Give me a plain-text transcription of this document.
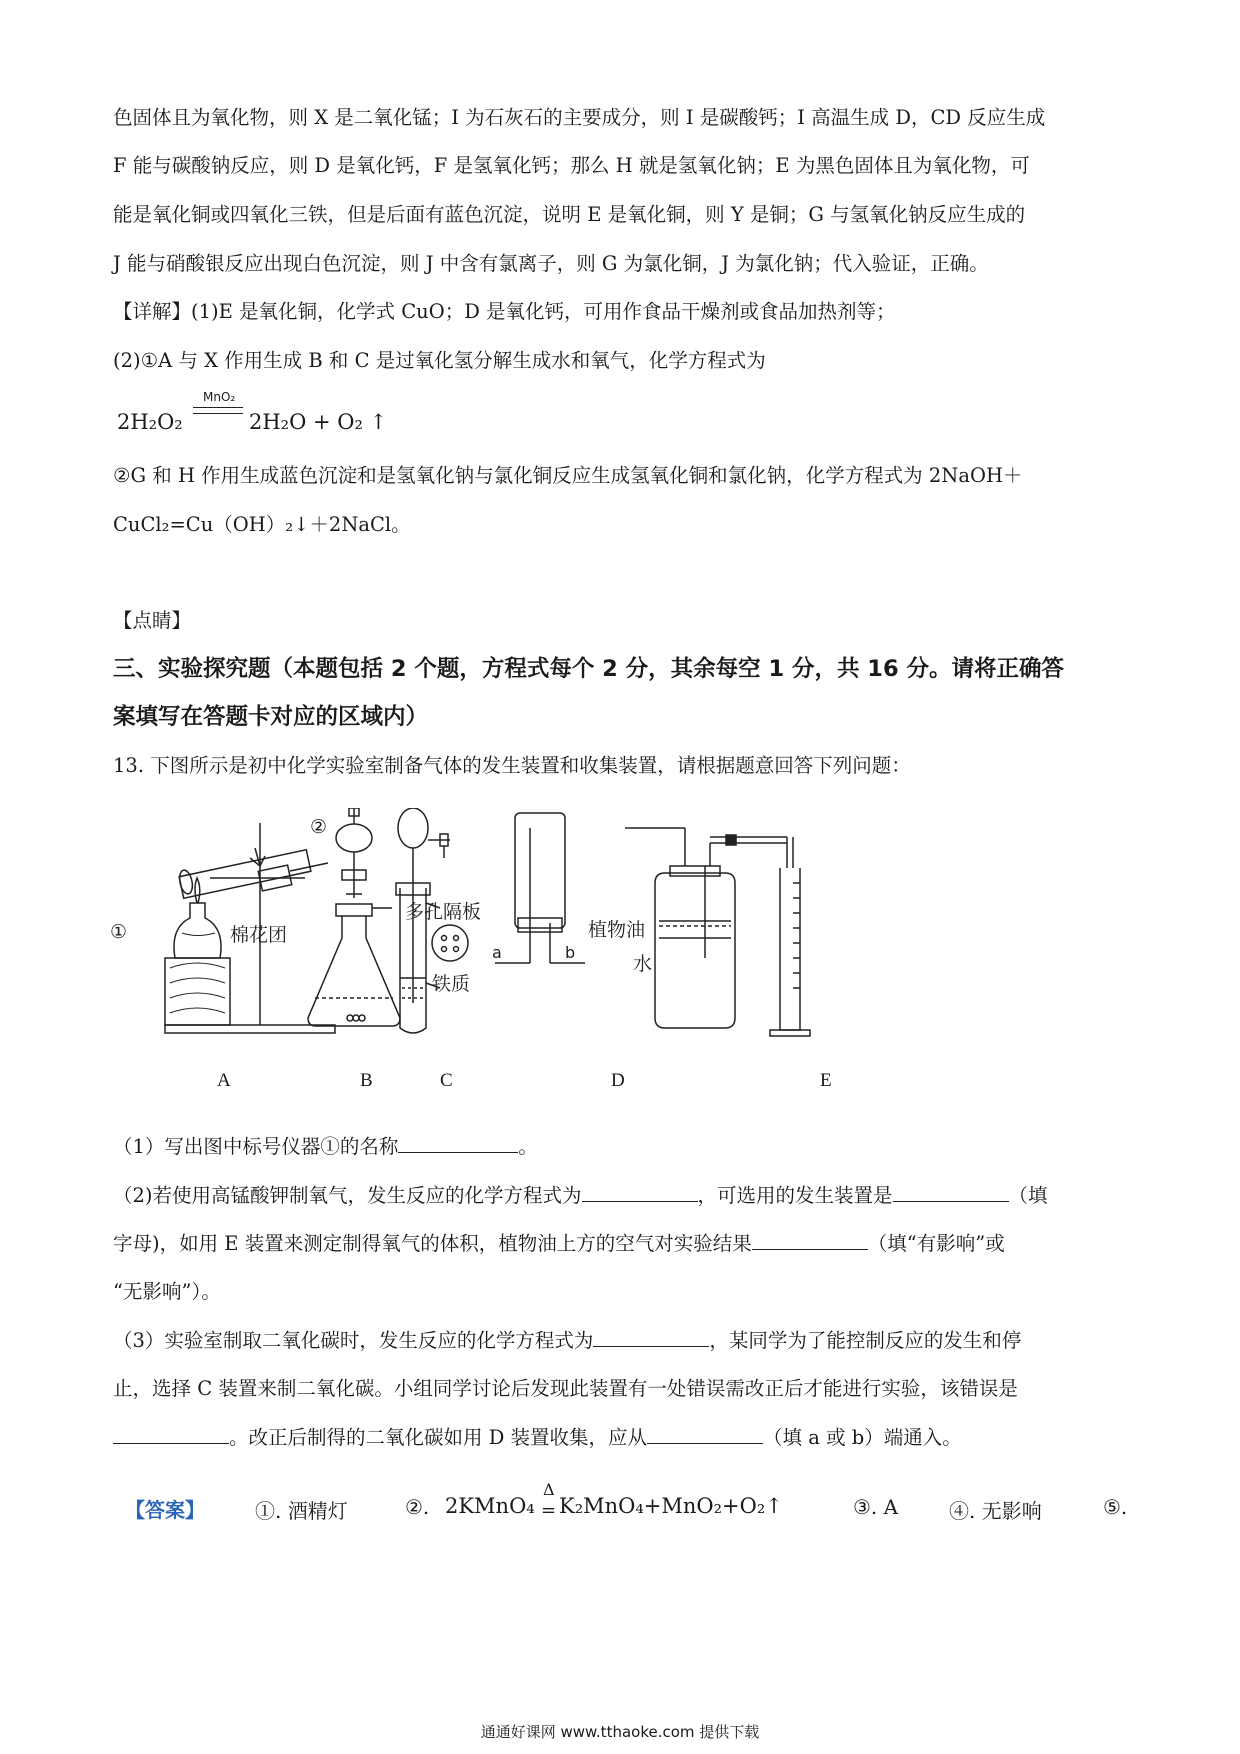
色固体且为氧化物，则 X 是二氧化锰；I 为石灰石的主要成分，则 I 是碳酸钙；I 高温生成 D，CD 反应生成
F 能与碳酸钠反应，则 D 是氧化钙，F 是氢氧化钙；那么 H 就是氢氧化钠；E 为黑色固体且为氧化物，可
能是氧化铜或四氧化三铁，但是后面有蓝色沉淀，说明 E 是氧化铜，则 Y 是铜；G 与氢氧化钠反应生成的
J 能与硝酸银反应出现白色沉淀，则 J 中含有氯离子，则 G 为氯化铜，J 为氯化钠；代入验证，正确。
【详解】(1)E 是氧化铜，化学式 CuO；D 是氧化钙，可用作食品干燥剂或食品加热剂等；
(2)①A 与 X 作用生成 B 和 C 是过氧化氢分解生成水和氧气，化学方程式为
2H₂O₂
MnO₂
2H₂O + O₂ ↑
②G 和 H 作用生成蓝色沉淀和是氢氧化钠与氯化铜反应生成氢氧化铜和氯化钠，化学方程式为 2NaOH＋
CuCl₂=Cu（OH）₂↓＋2NaCl。
【点睛】
三、实验探究题（本题包括 2 个题，方程式每个 2 分，其余每空 1 分，共 16 分。请将正确答
案填写在答题卡对应的区域内）
13. 下图所示是初中化学实验室制备气体的发生装置和收集装置，请根据题意回答下列问题：
①
②
棉花团
多孔隔板
铁质
植物油
水
a	b
A	B	C	D	E
（1）写出图中标号仪器①的名称	。
（2)若使用高锰酸钾制氧气，发生反应的化学方程式为	，可选用的发生装置是	（填
字母)，如用 E 装置来测定制得氧气的体积，植物油上方的空气对实验结果	（填“有影响”或
“无影响”）。
（3）实验室制取二氧化碳时，发生反应的化学方程式为	，某同学为了能控制反应的发生和停
止，选择 C 装置来制二氧化碳。小组同学讨论后发现此装置有一处错误需改正后才能进行实验，该错误是
。改正后制得的二氧化碳如用 D 装置收集，应从	（填 a 或 b）端通入。
【答案】	①. 酒精灯	②. 2KMnO₄
Δ
= K₂MnO₄+MnO₂+O₂↑	③. A	④. 无影响	⑤.
通通好课网 www.tthaoke.com 提供下载
